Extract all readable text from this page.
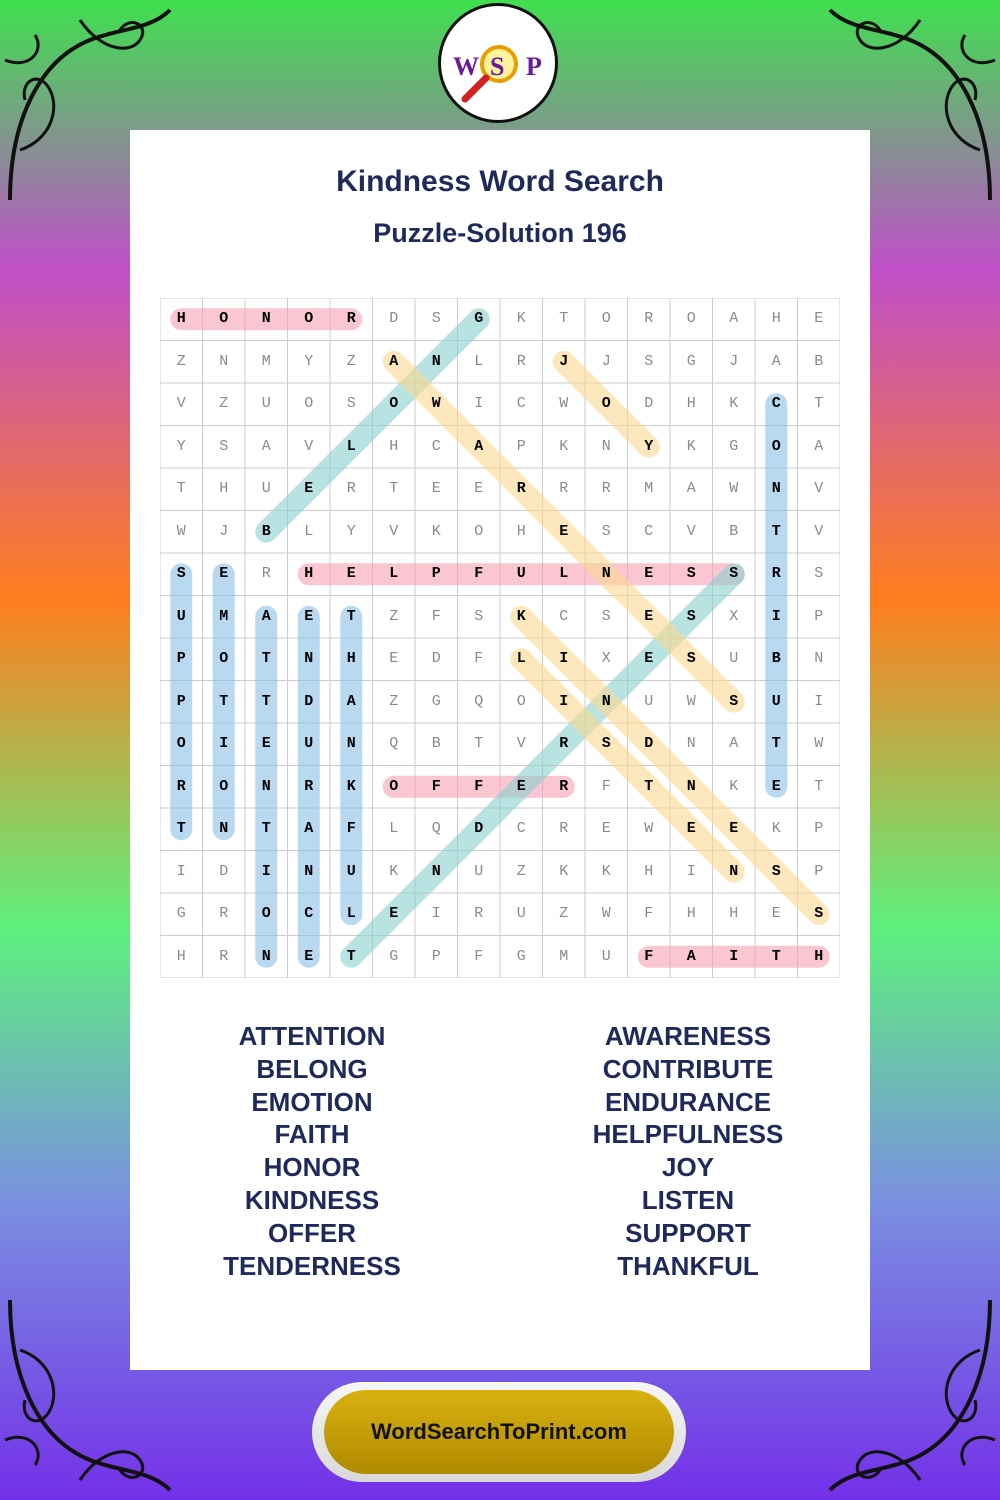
W S P
Kindness Word Search
Puzzle-Solution 196
H	O	N	O	R	D	S	G	K	T	O	R	O	A	H	E
Z	N	M	Y	Z	A	N	L	R	J	J	S	G	J	A	B
V	Z	U	O	S	O	W	I	C	W	O	D	H	K	C	T
Y	S	A	V	L	H	C	A	P	K	N	Y	K	G	O	A
T	H	U	E	R	T	E	E	R	R	R	M	A	W	N	V
W	J	B	L	Y	V	K	O	H	E	S	C	V	B	T	V
S	E	R	H	E	L	P	F	U	L	N	E	S	S	R	S
U	M	A	E	T	Z	F	S	K	C	S	E	S	X	I	P
P	O	T	N	H	E	D	F	L	I	X	E	S	U	B	N
P	T	T	D	A	Z	G	Q	O	I	N	U	W	S	U	I
O	I	E	U	N	Q	B	T	V	R	S	D	N	A	T	W
R	O	N	R	K	O	F	F	E	R	F	T	N	K	E	T
T	N	T	A	F	L	Q	D	C	R	E	W	E	E	K	P
I	D	I	N	U	K	N	U	Z	K	K	H	I	N	S	P
G	R	O	C	L	E	I	R	U	Z	W	F	H	H	E	S
H	R	N	E	T	G	P	F	G	M	U	F	A	I	T	H
ATTENTION
BELONG
EMOTION
FAITH
HONOR
KINDNESS
OFFER
TENDERNESS
AWARENESS
CONTRIBUTE
ENDURANCE
HELPFULNESS
JOY
LISTEN
SUPPORT
THANKFUL
WordSearchToPrint.com
